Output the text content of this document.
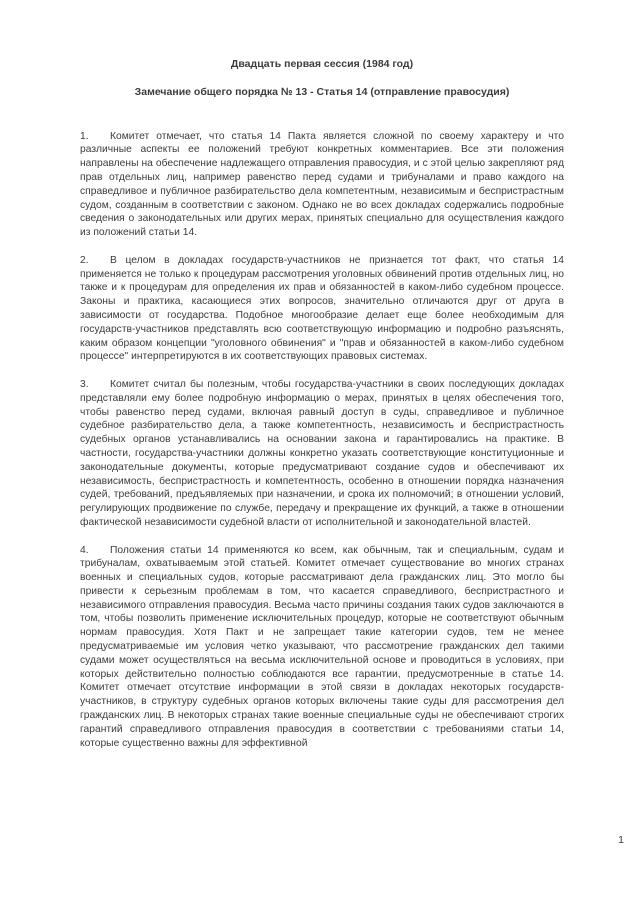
Двадцать первая сессия (1984 год)
Замечание общего порядка № 13 - Статья 14 (отправление правосудия)

1. Комитет отмечает, что статья 14 Пакта является сложной по своему характеру и что различные аспекты ее положений требуют конкретных комментариев. Все эти положения направлены на обеспечение надлежащего отправления правосудия, и с этой целью закрепляют ряд прав отдельных лиц, например равенство перед судами и трибуналами и право каждого на справедливое и публичное разбирательство дела компетентным, независимым и беспристрастным судом, созданным в соответствии с законом. Однако не во всех докладах содержались подробные сведения о законодательных или других мерах, принятых специально для осуществления каждого из положений статьи 14.

2. В целом в докладах государств-участников не признается тот факт, что статья 14 применяется не только к процедурам рассмотрения уголовных обвинений против отдельных лиц, но также и к процедурам для определения их прав и обязанностей в каком-либо судебном процессе. Законы и практика, касающиеся этих вопросов, значительно отличаются друг от друга в зависимости от государства. Подобное многообразие делает еще более необходимым для государств-участников представлять всю соответствующую информацию и подробно разъяснять, каким образом концепции "уголовного обвинения" и "прав и обязанностей в каком-либо судебном процессе" интерпретируются в их соответствующих правовых системах.

3. Комитет считал бы полезным, чтобы государства-участники в своих последующих докладах представляли ему более подробную информацию о мерах, принятых в целях обеспечения того, чтобы равенство перед судами, включая равный доступ в суды, справедливое и публичное судебное разбирательство дела, а также компетентность, независимость и беспристрастность судебных органов устанавливались на основании закона и гарантировались на практике. В частности, государства-участники должны конкретно указать соответствующие конституционные и законодательные документы, которые предусматривают создание судов и обеспечивают их независимость, беспристрастность и компетентность, особенно в отношении порядка назначения судей, требований, предъявляемых при назначении, и срока их полномочий; в отношении условий, регулирующих продвижение по службе, передачу и прекращение их функций, а также в отношении фактической независимости судебной власти от исполнительной и законодательной властей.

4. Положения статьи 14 применяются ко всем, как обычным, так и специальным, судам и трибуналам, охватываемым этой статьей. Комитет отмечает существование во многих странах военных и специальных судов, которые рассматривают дела гражданских лиц. Это могло бы привести к серьезным проблемам в том, что касается справедливого, беспристрастного и независимого отправления правосудия. Весьма часто причины создания таких судов заключаются в том, чтобы позволить применение исключительных процедур, которые не соответствуют обычным нормам правосудия. Хотя Пакт и не запрещает такие категории судов, тем не менее предусматриваемые им условия четко указывают, что рассмотрение гражданских дел такими судами может осуществляться на весьма исключительной основе и проводиться в условиях, при которых действительно полностью соблюдаются все гарантии, предусмотренные в статье 14. Комитет отмечает отсутствие информации в этой связи в докладах некоторых государств-участников, в структуру судебных органов которых включены такие суды для рассмотрения дел гражданских лиц. В некоторых странах такие военные специальные суды не обеспечивают строгих гарантий справедливого отправления правосудия в соответствии с требованиями статьи 14, которые существенно важны для эффективной

1
